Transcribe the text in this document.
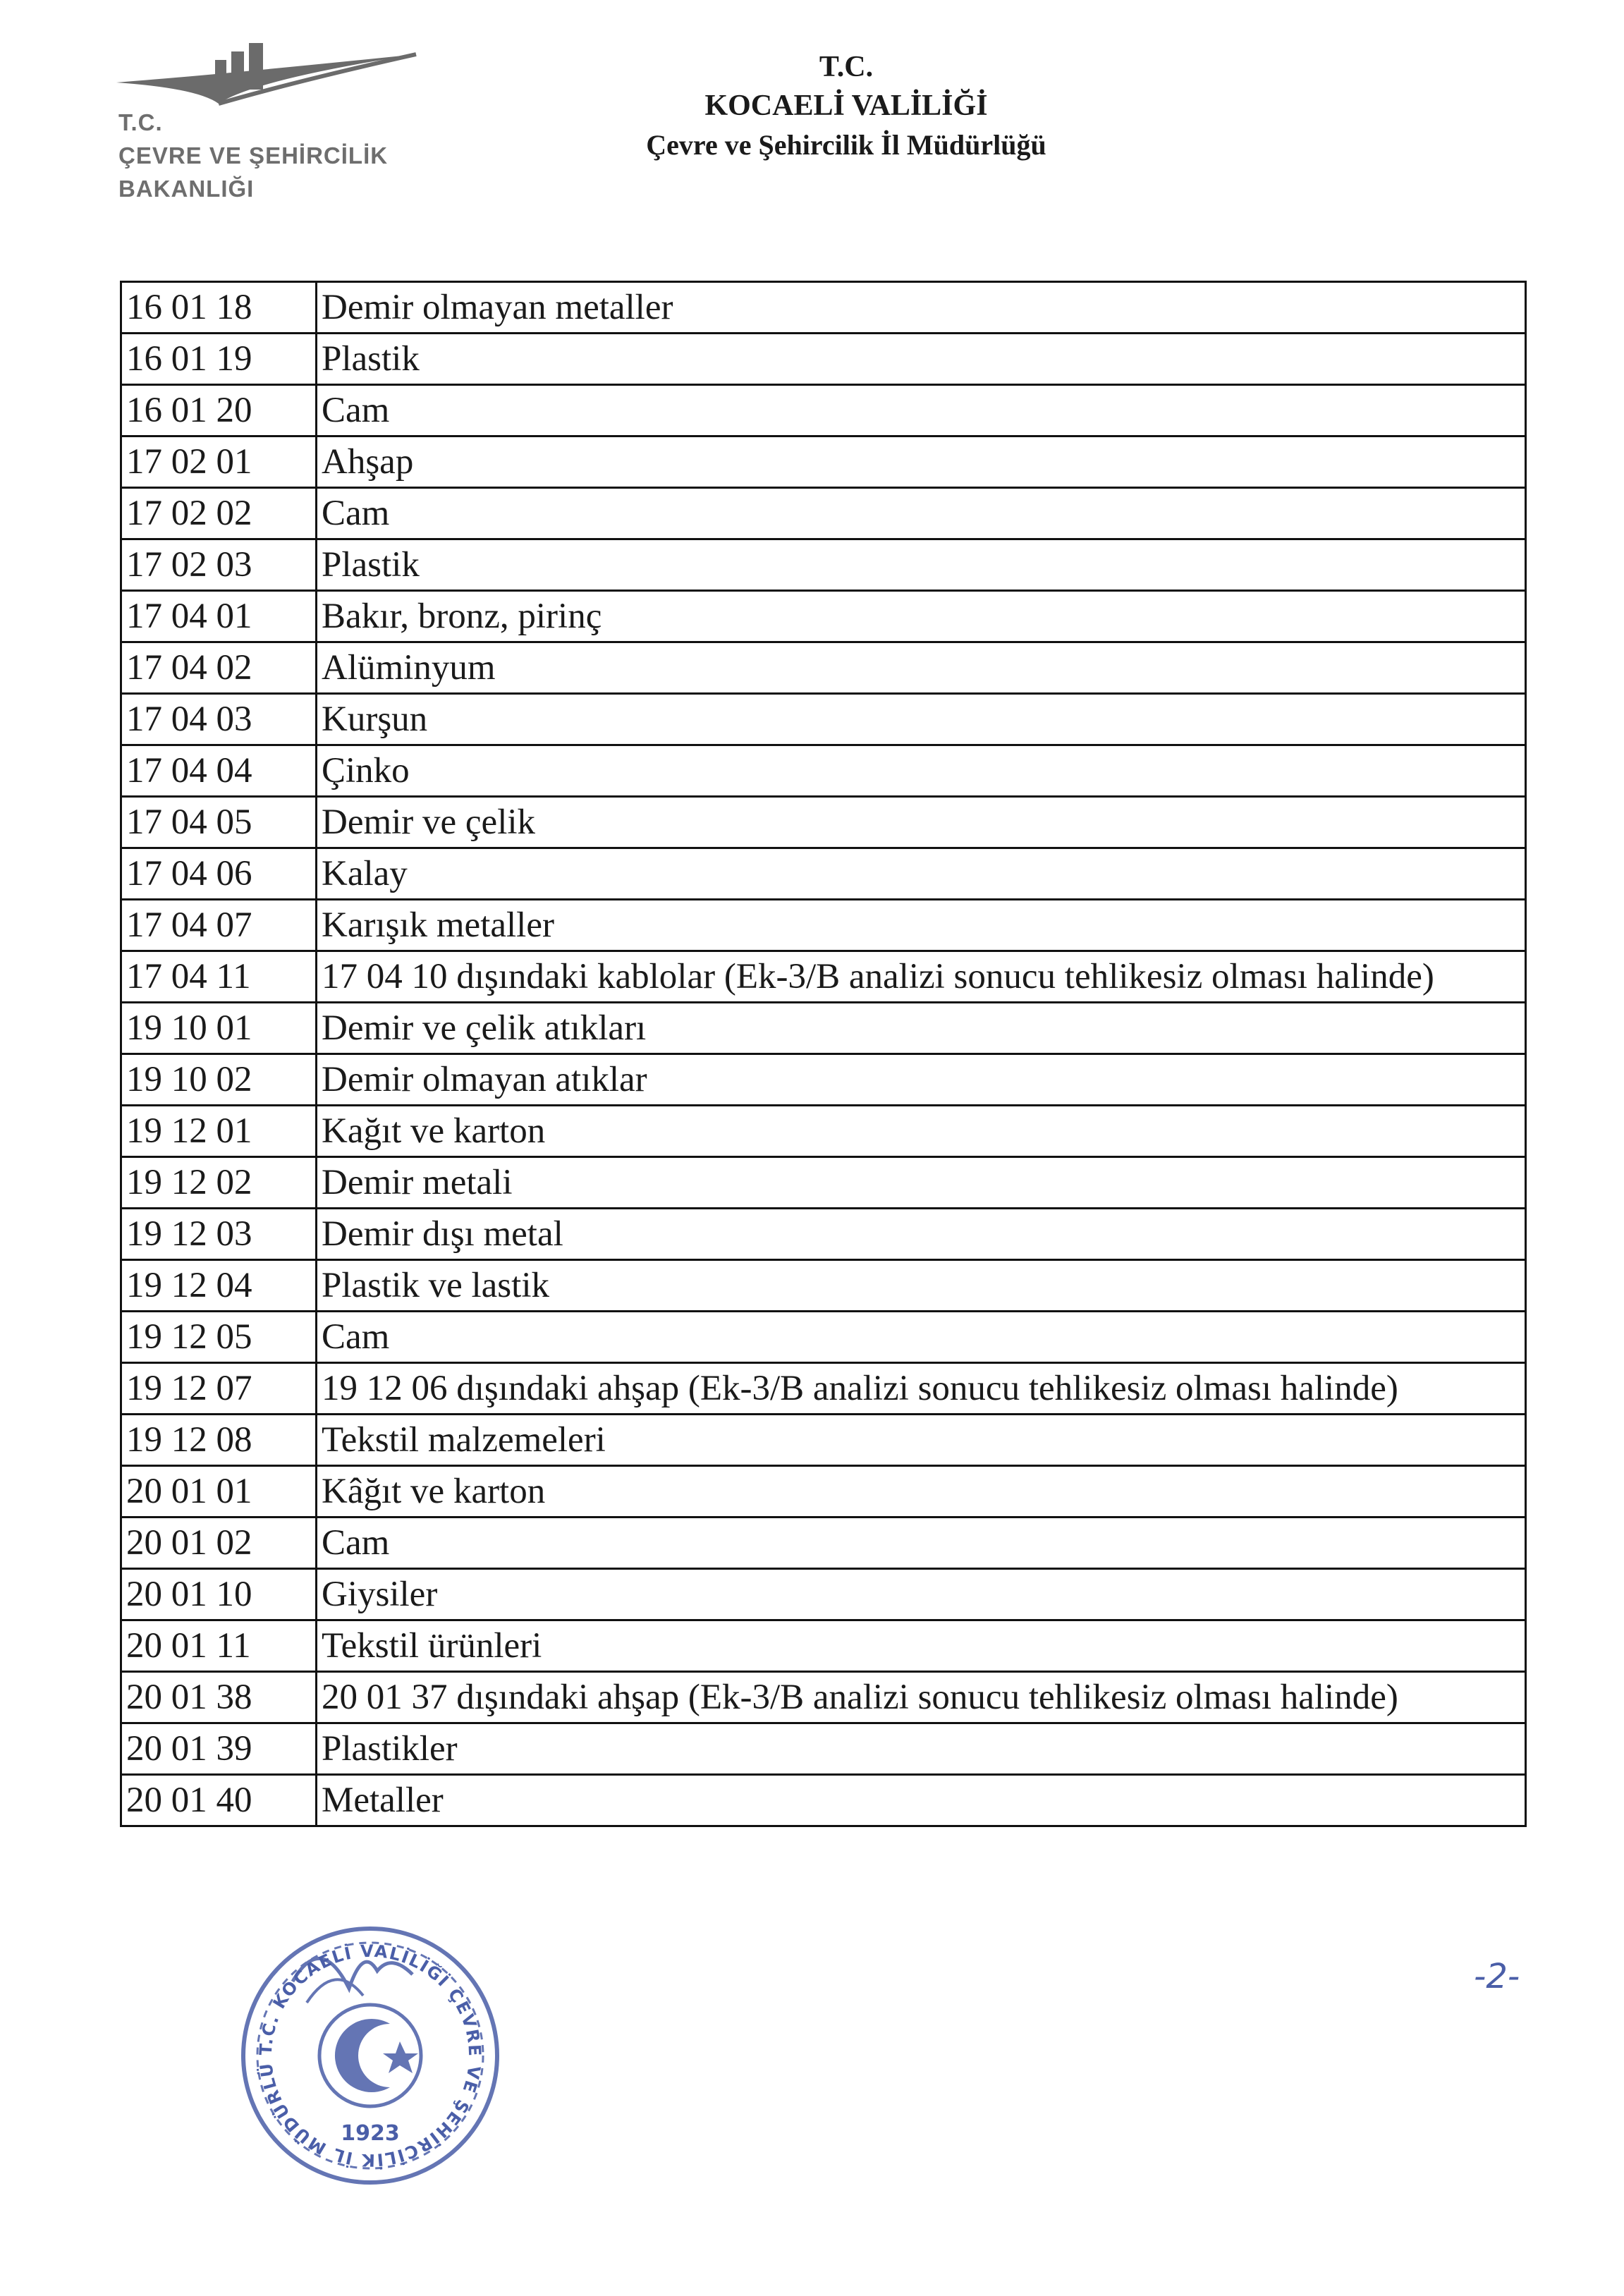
T.C.
ÇEVRE VE ŞEHİRCİLİK
BAKANLIĞI
T.C.
KOCAELİ VALİLİĞİ
Çevre ve Şehircilik İl Müdürlüğü
16 01 18	Demir olmayan metaller
16 01 19	Plastik
16 01 20	Cam
17 02 01	Ahşap
17 02 02	Cam
17 02 03	Plastik
17 04 01	Bakır, bronz, pirinç
17 04 02	Alüminyum
17 04 03	Kurşun
17 04 04	Çinko
17 04 05	Demir ve çelik
17 04 06	Kalay
17 04 07	Karışık metaller
17 04 11	17 04 10 dışındaki kablolar (Ek-3/B analizi sonucu tehlikesiz olması halinde)
19 10 01	Demir ve çelik atıkları
19 10 02	Demir olmayan atıklar
19 12 01	Kağıt ve karton
19 12 02	Demir metali
19 12 03	Demir dışı metal
19 12 04	Plastik ve lastik
19 12 05	Cam
19 12 07	19 12 06 dışındaki ahşap (Ek-3/B analizi sonucu tehlikesiz olması halinde)
19 12 08	Tekstil malzemeleri
20 01 01	Kâğıt ve karton
20 01 02	Cam
20 01 10	Giysiler
20 01 11	Tekstil ürünleri
20 01 38	20 01 37 dışındaki ahşap (Ek-3/B analizi sonucu tehlikesiz olması halinde)
20 01 39	Plastikler
20 01 40	Metaller
1923
T.C. KOCAELİ VALİLİĞİ ÇEVRE VE ŞEHİRCİLİK İL MÜDÜRLÜ
-2-
